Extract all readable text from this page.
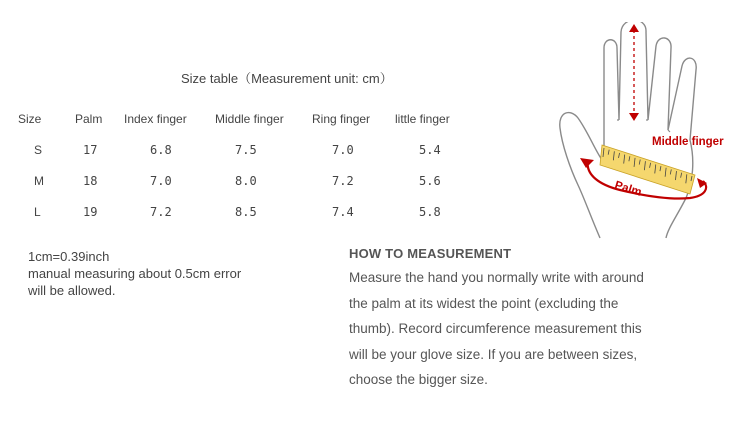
Size table（Measurement unit: cm）
Size	Palm	Index finger	Middle finger	Ring finger	little finger
S	17	6.8	7.5	7.0	5.4
M	18	7.0	8.0	7.2	5.6
L	19	7.2	8.5	7.4	5.8
1cm=0.39inch
manual measuring about 0.5cm error
will be allowed.
HOW TO MEASUREMENT
Measure the hand you normally write with around
the palm at its widest the point (excluding the
thumb). Record circumference measurement this
will be your glove size. If you are between sizes,
choose the bigger size.
Middle finger
Palm
